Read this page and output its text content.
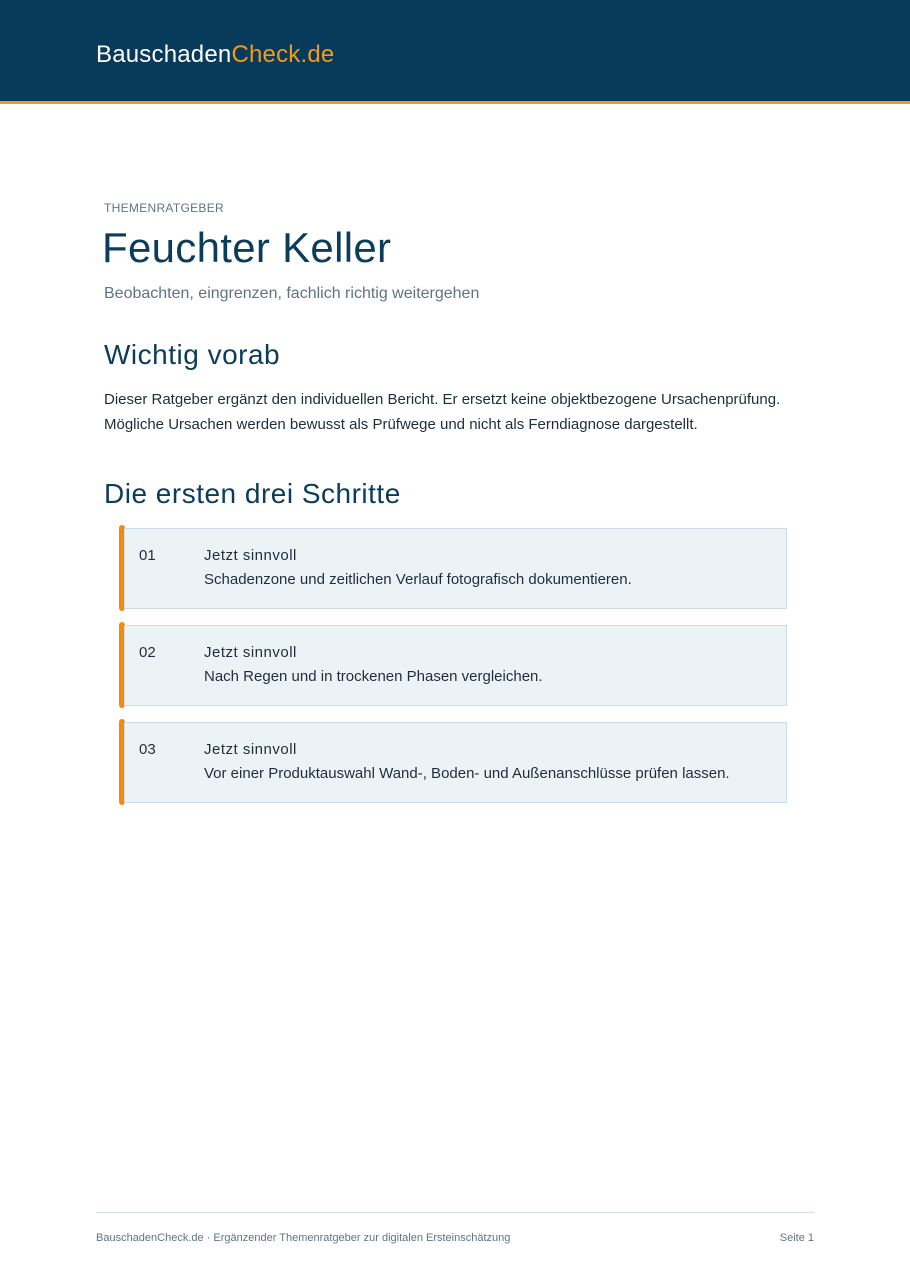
BauschadenCheck.de
THEMENRATGEBER
Feuchter Keller
Beobachten, eingrenzen, fachlich richtig weitergehen
Wichtig vorab

Dieser Ratgeber ergänzt den individuellen Bericht. Er ersetzt keine objektbezogene Ursachenprüfung. Mögliche Ursachen werden bewusst als Prüfwege und nicht als Ferndiagnose dargestellt.

Die ersten drei Schritte
01	Jetzt sinnvoll
Schadenzone und zeitlichen Verlauf fotografisch dokumentieren.
02	Jetzt sinnvoll
Nach Regen und in trockenen Phasen vergleichen.
03	Jetzt sinnvoll
Vor einer Produktauswahl Wand-, Boden- und Außenanschlüsse prüfen lassen.
BauschadenCheck.de · Ergänzender Themenratgeber zur digitalen Ersteinschätzung	Seite 1
